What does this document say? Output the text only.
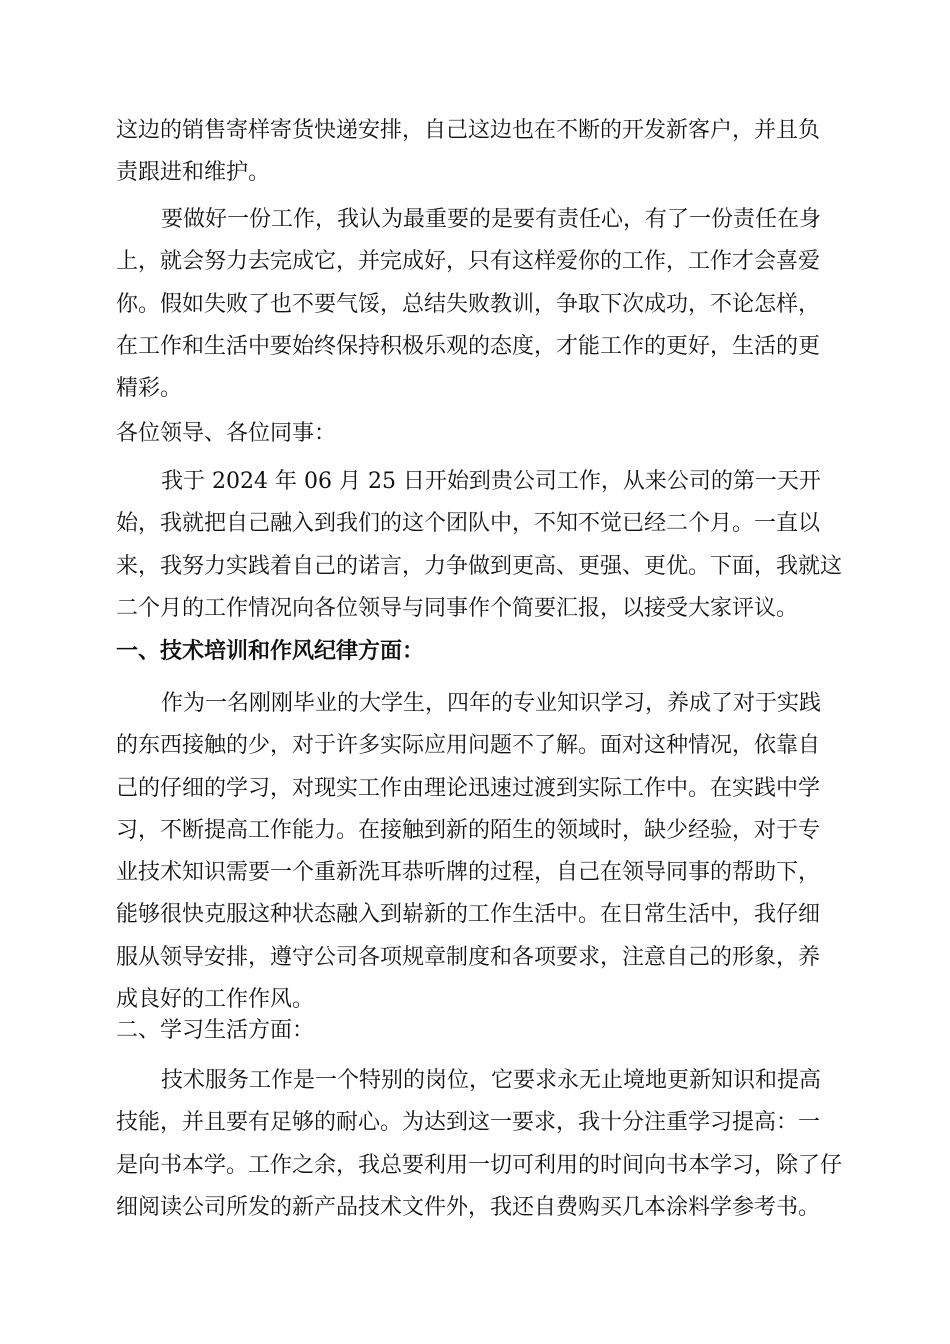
这边的销售寄样寄货快递安排，自己这边也在不断的开发新客户，并且负
责跟进和维护。
要做好一份工作，我认为最重要的是要有责任心，有了一份责任在身
上，就会努力去完成它，并完成好，只有这样爱你的工作，工作才会喜爱
你。假如失败了也不要气馁，总结失败教训，争取下次成功，不论怎样，
在工作和生活中要始终保持积极乐观的态度，才能工作的更好，生活的更
精彩。
各位领导、各位同事：
我于 2024 年 06 月 25 日开始到贵公司工作，从来公司的第一天开
始，我就把自己融入到我们的这个团队中，不知不觉已经二个月。一直以
来，我努力实践着自己的诺言，力争做到更高、更强、更优。下面，我就这
二个月的工作情况向各位领导与同事作个简要汇报，以接受大家评议。
一、技术培训和作风纪律方面：
作为一名刚刚毕业的大学生，四年的专业知识学习，养成了对于实践
的东西接触的少，对于许多实际应用问题不了解。面对这种情况，依靠自
己的仔细的学习，对现实工作由理论迅速过渡到实际工作中。在实践中学
习，不断提高工作能力。在接触到新的陌生的领域时，缺少经验，对于专
业技术知识需要一个重新洗耳恭听牌的过程，自己在领导同事的帮助下，
能够很快克服这种状态融入到崭新的工作生活中。在日常生活中，我仔细
服从领导安排，遵守公司各项规章制度和各项要求，注意自己的形象，养
成良好的工作作风。
二、学习生活方面：
技术服务工作是一个特别的岗位，它要求永无止境地更新知识和提高
技能，并且要有足够的耐心。为达到这一要求，我十分注重学习提高：一
是向书本学。工作之余，我总要利用一切可利用的时间向书本学习，除了仔
细阅读公司所发的新产品技术文件外，我还自费购买几本涂料学参考书。
